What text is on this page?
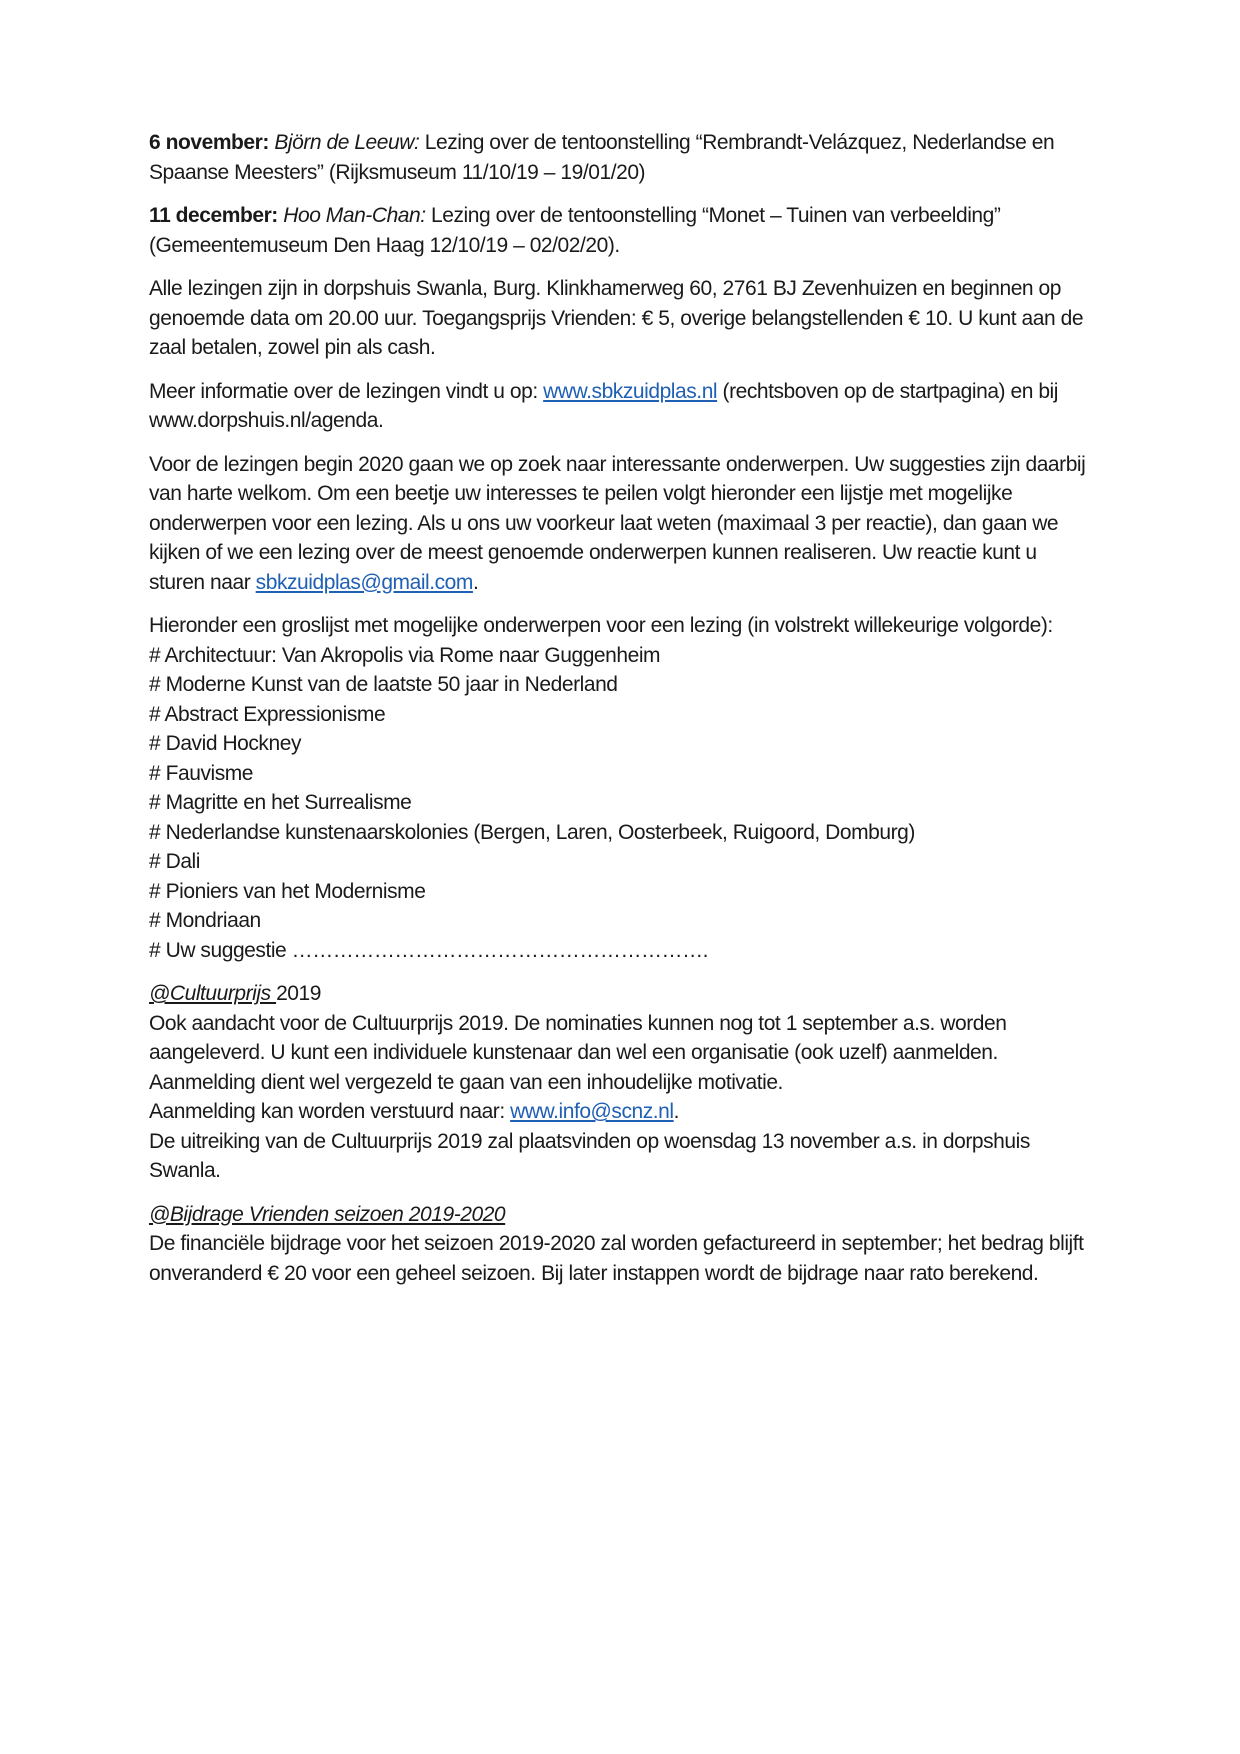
6 november: Björn de Leeuw: Lezing over de tentoonstelling “Rembrandt-Velázquez, Nederlandse en Spaanse Meesters” (Rijksmuseum 11/10/19 – 19/01/20)

11 december: Hoo Man-Chan: Lezing over de tentoonstelling “Monet – Tuinen van verbeelding” (Gemeentemuseum Den Haag 12/10/19 – 02/02/20).

Alle lezingen zijn in dorpshuis Swanla, Burg. Klinkhamerweg 60, 2761 BJ Zevenhuizen en beginnen op genoemde data om 20.00 uur. Toegangsprijs Vrienden: € 5, overige belangstellenden € 10. U kunt aan de zaal betalen, zowel pin als cash.

Meer informatie over de lezingen vindt u op: www.sbkzuidplas.nl (rechtsboven op de startpagina) en bij www.dorpshuis.nl/agenda.

Voor de lezingen begin 2020 gaan we op zoek naar interessante onderwerpen. Uw suggesties zijn daarbij van harte welkom. Om een beetje uw interesses te peilen volgt hieronder een lijstje met mogelijke onderwerpen voor een lezing. Als u ons uw voorkeur laat weten (maximaal 3 per reactie), dan gaan we kijken of we een lezing over de meest genoemde onderwerpen kunnen realiseren. Uw reactie kunt u sturen naar sbkzuidplas@gmail.com.

Hieronder een groslijst met mogelijke onderwerpen voor een lezing (in volstrekt willekeurige volgorde):
# Architectuur: Van Akropolis via Rome naar Guggenheim
# Moderne Kunst van de laatste 50 jaar in Nederland
# Abstract Expressionisme
# David Hockney
# Fauvisme
# Magritte en het Surrealisme
# Nederlandse kunstenaarskolonies (Bergen, Laren, Oosterbeek, Ruigoord, Domburg)
# Dali
# Pioniers van het Modernisme
# Mondriaan
# Uw suggestie …………………………………………………….
@Cultuurprijs 2019
Ook aandacht voor de Cultuurprijs 2019. De nominaties kunnen nog tot 1 september a.s. worden aangeleverd. U kunt een individuele kunstenaar dan wel een organisatie (ook uzelf) aanmelden. Aanmelding dient wel vergezeld te gaan van een inhoudelijke motivatie.
Aanmelding kan worden verstuurd naar: www.info@scnz.nl.
De uitreiking van de Cultuurprijs 2019 zal plaatsvinden op woensdag 13 november a.s. in dorpshuis Swanla.
@Bijdrage Vrienden seizoen 2019-2020
De financiële bijdrage voor het seizoen 2019-2020 zal worden gefactureerd in september; het bedrag blijft onveranderd € 20 voor een geheel seizoen. Bij later instappen wordt de bijdrage naar rato berekend.
